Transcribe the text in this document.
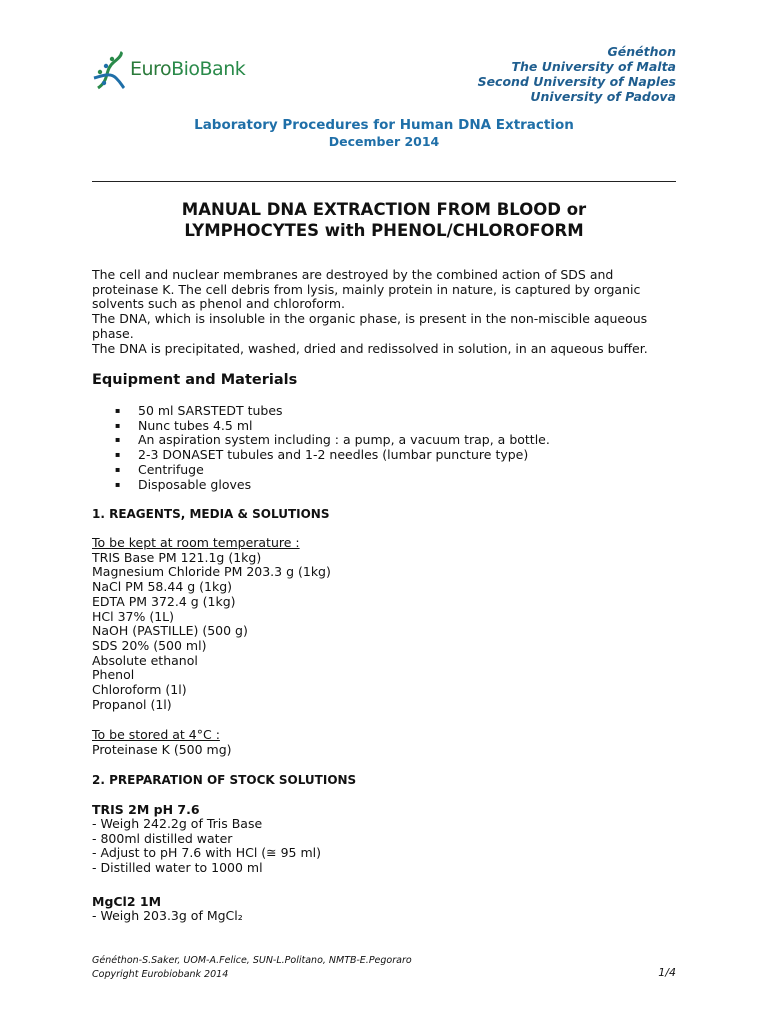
EuroBioBank
Généthon
The University of Malta
Second University of Naples
University of Padova
Laboratory Procedures for Human DNA Extraction
December 2014
MANUAL DNA EXTRACTION FROM BLOOD or
LYMPHOCYTES with PHENOL/CHLOROFORM

The cell and nuclear membranes are destroyed by the combined action of SDS and proteinase K. The cell debris from lysis, mainly protein in nature, is captured by organic solvents such as phenol and chloroform.

The DNA, which is insoluble in the organic phase, is present in the non-miscible aqueous phase.

The DNA is precipitated, washed, dried and redissolved in solution, in an aqueous buffer.

Equipment and Materials
▪ 50 ml SARSTEDT tubes
▪ Nunc tubes 4.5 ml
▪ An aspiration system including : a pump, a vacuum trap, a bottle.
▪ 2-3 DONASET tubules and 1-2 needles (lumbar puncture type)
▪ Centrifuge
▪ Disposable gloves
1. REAGENTS, MEDIA & SOLUTIONS
To be kept at room temperature :
TRIS Base PM 121.1g (1kg)
Magnesium Chloride PM 203.3 g (1kg)
NaCl PM 58.44 g (1kg)
EDTA PM 372.4 g (1kg)
HCl 37% (1L)
NaOH (PASTILLE) (500 g)
SDS 20% (500 ml)
Absolute ethanol
Phenol
Chloroform (1l)
Propanol (1l)
To be stored at 4°C :
Proteinase K (500 mg)
2. PREPARATION OF STOCK SOLUTIONS
TRIS 2M pH 7.6
- Weigh 242.2g of Tris Base
- 800ml distilled water
- Adjust to pH 7.6 with HCl (≅ 95 ml)
- Distilled water to 1000 ml
MgCl2 1M
- Weigh 203.3g of MgCl₂
Généthon-S.Saker, UOM-A.Felice, SUN-L.Politano, NMTB-E.Pegoraro
Copyright Eurobiobank 2014	1/4
